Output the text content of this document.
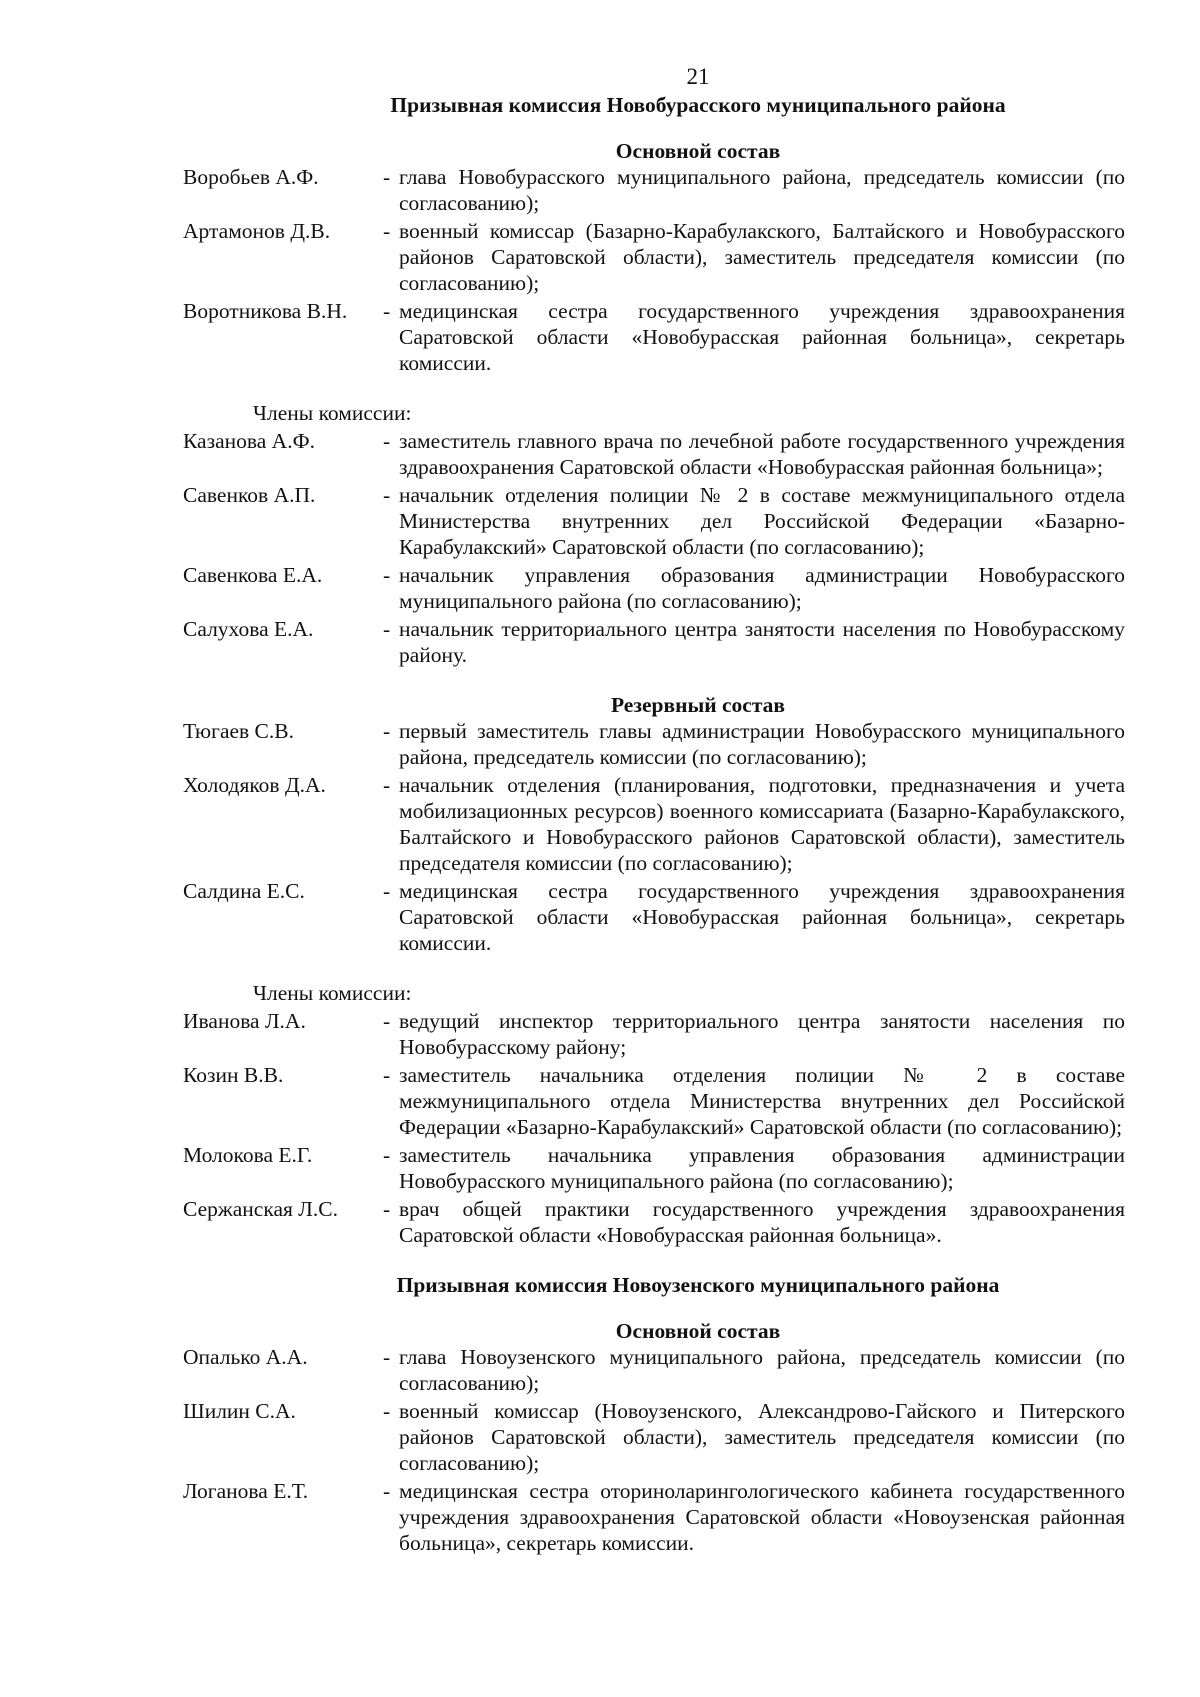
21
Призывная комиссия Новобурасского муниципального района
Основной состав
Воробьев А.Ф.	- глава Новобурасского муниципального района, председатель комиссии (по согласованию);
Артамонов Д.В.	- военный комиссар (Базарно-Карабулакского, Балтайского и Новобурасского районов Саратовской области), заместитель председателя комиссии (по согласованию);
Воротникова В.Н.	- медицинская сестра государственного учреждения здравоохранения Саратовской области «Новобурасская районная больница», секретарь комиссии.
Члены комиссии:
Казанова А.Ф.	- заместитель главного врача по лечебной работе государственного учреждения здравоохранения Саратовской области «Новобурасская районная больница»;
Савенков А.П.	- начальник отделения полиции № 2 в составе межмуниципального отдела Министерства внутренних дел Российской Федерации «Базарно-Карабулакский» Саратовской области (по согласованию);
Савенкова Е.А.	- начальник управления образования администрации Новобурасского муниципального района (по согласованию);
Салухова Е.А.	- начальник территориального центра занятости населения по Новобурасскому району.
Резервный состав
Тюгаев С.В.	- первый заместитель главы администрации Новобурасского муниципального района, председатель комиссии (по согласованию);
Холодяков Д.А.	- начальник отделения (планирования, подготовки, предназначения и учета мобилизационных ресурсов) военного комиссариата (Базарно-Карабулакского, Балтайского и Новобурасского районов Саратовской области), заместитель председателя комиссии (по согласованию);
Салдина Е.С.	- медицинская сестра государственного учреждения здравоохранения Саратовской области «Новобурасская районная больница», секретарь комиссии.
Члены комиссии:
Иванова Л.А.	- ведущий инспектор территориального центра занятости населения по Новобурасскому району;
Козин В.В.	- заместитель начальника отделения полиции № 2 в составе межмуниципального отдела Министерства внутренних дел Российской Федерации «Базарно-Карабулакский» Саратовской области (по согласованию);
Молокова Е.Г.	- заместитель начальника управления образования администрации Новобурасского муниципального района (по согласованию);
Сержанская Л.С.	- врач общей практики государственного учреждения здравоохранения Саратовской области «Новобурасская районная больница».
Призывная комиссия Новоузенского муниципального района
Основной состав
Опалько А.А.	- глава Новоузенского муниципального района, председатель комиссии (по согласованию);
Шилин С.А.	- военный комиссар (Новоузенского, Александрово-Гайского и Питерского районов Саратовской области), заместитель председателя комиссии (по согласованию);
Логанова Е.Т.	- медицинская сестра оториноларингологического кабинета государственного учреждения здравоохранения Саратовской области «Новоузенская районная больница», секретарь комиссии.
